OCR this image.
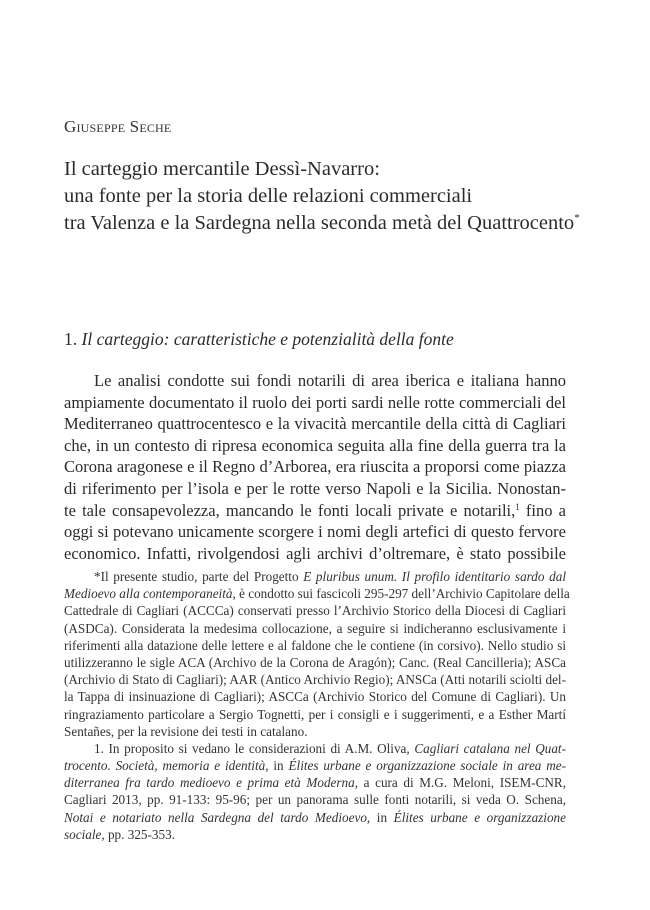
Giuseppe Seche
Il carteggio mercantile Dessì-Navarro:
una fonte per la storia delle relazioni commerciali
tra Valenza e la Sardegna nella seconda metà del Quattrocento*
1. Il carteggio: caratteristiche e potenzialità della fonte
Le analisi condotte sui fondi notarili di area iberica e italiana hanno
ampiamente documentato il ruolo dei porti sardi nelle rotte commerciali del
Mediterraneo quattrocentesco e la vivacità mercantile della città di Cagliari
che, in un contesto di ripresa economica seguita alla fine della guerra tra la
Corona aragonese e il Regno d’Arborea, era riuscita a proporsi come piazza
di riferimento per l’isola e per le rotte verso Napoli e la Sicilia. Nonostan-
te tale consapevolezza, mancando le fonti locali private e notarili,$^1$ fino a
oggi si potevano unicamente scorgere i nomi degli artefici di questo fervore
economico. Infatti, rivolgendosi agli archivi d’oltremare, è stato possibile
*Il presente studio, parte del Progetto E pluribus unum. Il profilo identitario sardo dal
Medioevo alla contemporaneità, è condotto sui fascicoli 295-297 dell’Archivio Capitolare della
Cattedrale di Cagliari (ACCCa) conservati presso l’Archivio Storico della Diocesi di Cagliari
(ASDCa). Considerata la medesima collocazione, a seguire si indicheranno esclusivamente i
riferimenti alla datazione delle lettere e al faldone che le contiene (in corsivo). Nello studio si
utilizzeranno le sigle ACA (Archivo de la Corona de Aragón); Canc. (Real Cancilleria); ASCa
(Archivio di Stato di Cagliari); AAR (Antico Archivio Regio); ANSCa (Atti notarili sciolti del-
la Tappa di insinuazione di Cagliari); ASCCa (Archivio Storico del Comune di Cagliari). Un
ringraziamento particolare a Sergio Tognetti, per i consigli e i suggerimenti, e a Esther Martí
Sentañes, per la revisione dei testi in catalano.
1. In proposito si vedano le considerazioni di A.M. Oliva, Cagliari catalana nel Quat-
trocento. Società, memoria e identità, in Élites urbane e organizzazione sociale in area me-
diterranea fra tardo medioevo e prima età Moderna, a cura di M.G. Meloni, ISEM-CNR,
Cagliari 2013, pp. 91-133: 95-96; per un panorama sulle fonti notarili, si veda O. Schena,
Notai e notariato nella Sardegna del tardo Medioevo, in Élites urbane e organizzazione
sociale, pp. 325-353.
